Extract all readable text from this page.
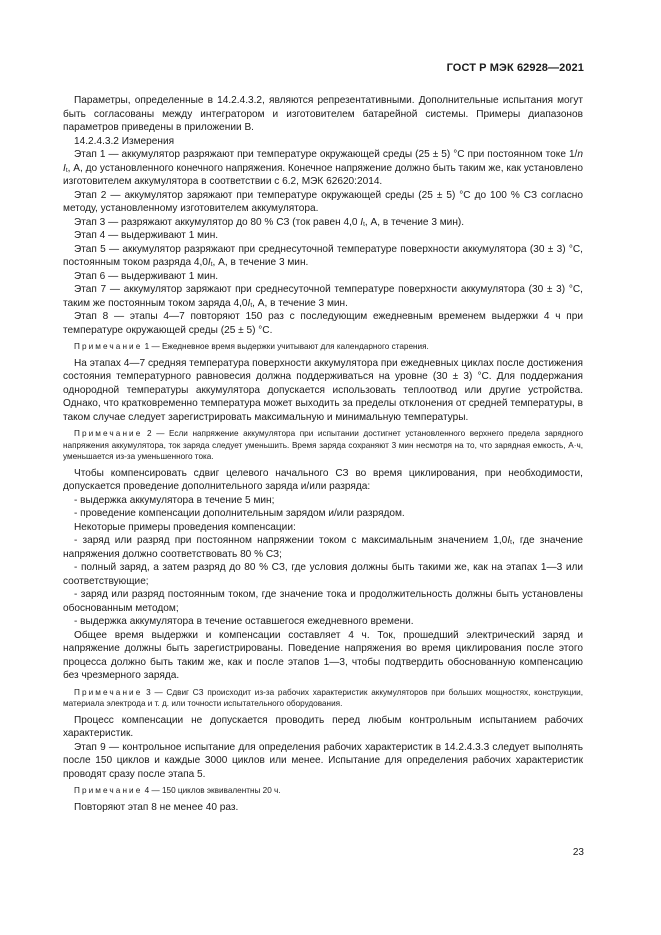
ГОСТ Р МЭК 62928—2021

Параметры, определенные в 14.2.4.3.2, являются репрезентативными. Дополнительные испытания могут быть согласованы между интегратором и изготовителем батарейной системы. Примеры диапазонов параметров приведены в приложении В.

14.2.4.3.2 Измерения

Этап 1 — аккумулятор разряжают при температуре окружающей среды (25 ± 5) °С при постоянном токе 1/n $I_t$, А, до установленного конечного напряжения. Конечное напряжение должно быть таким же, как установлено изготовителем аккумулятора в соответствии с 6.2, МЭК 62620:2014.

Этап 2 — аккумулятор заряжают при температуре окружающей среды (25 ± 5) °С до 100 % СЗ согласно методу, установленному изготовителем аккумулятора.

Этап 3 — разряжают аккумулятор до 80 % СЗ (ток равен 4,0 $I_t$, А, в течение 3 мин).

Этап 4 — выдерживают 1 мин.

Этап 5 — аккумулятор разряжают при среднесуточной температуре поверхности аккумулятора (30 ± 3) °С, постоянным током разряда $4,0I_t$, А, в течение 3 мин.

Этап 6 — выдерживают 1 мин.

Этап 7 — аккумулятор заряжают при среднесуточной температуре поверхности аккумулятора (30 ± 3) °С, таким же постоянным током заряда $4,0I_t$, А, в течение 3 мин.

Этап 8 — этапы 4—7 повторяют 150 раз с последующим ежедневным временем выдержки 4 ч при температуре окружающей среды (25 ± 5) °С.

Примечание 1 — Ежедневное время выдержки учитывают для календарного старения.

На этапах 4—7 средняя температура поверхности аккумулятора при ежедневных циклах после достижения состояния температурного равновесия должна поддерживаться на уровне (30 ± 3) °С. Для поддержания однородной температуры аккумулятора допускается использовать теплоотвод или другие устройства. Однако, что кратковременно температура может выходить за пределы отклонения от средней температуры, в таком случае следует зарегистрировать максимальную и минимальную температуры.

Примечание 2 — Если напряжение аккумулятора при испытании достигнет установленного верхнего предела зарядного напряжения аккумулятора, ток заряда следует уменьшить. Время заряда сохраняют 3 мин несмотря на то, что зарядная емкость, А·ч, уменьшается из-за уменьшенного тока.

Чтобы компенсировать сдвиг целевого начального СЗ во время циклирования, при необходимости, допускается проведение дополнительного заряда и/или разряда:

- выдержка аккумулятора в течение 5 мин;

- проведение компенсации дополнительным зарядом и/или разрядом.

Некоторые примеры проведения компенсации:

- заряд или разряд при постоянном напряжении током с максимальным значением $1,0I_t$, где значение напряжения должно соответствовать 80 % СЗ;

- полный заряд, а затем разряд до 80 % СЗ, где условия должны быть такими же, как на этапах 1—3 или соответствующие;

- заряд или разряд постоянным током, где значение тока и продолжительность должны быть установлены обоснованным методом;

- выдержка аккумулятора в течение оставшегося ежедневного времени.

Общее время выдержки и компенсации составляет 4 ч. Ток, прошедший электрический заряд и напряжение должны быть зарегистрированы. Поведение напряжения во время циклирования после этого процесса должно быть таким же, как и после этапов 1—3, чтобы подтвердить обоснованную компенсацию без чрезмерного заряда.

Примечание 3 — Сдвиг СЗ происходит из-за рабочих характеристик аккумуляторов при больших мощностях, конструкции, материала электрода и т. д. или точности испытательного оборудования.

Процесс компенсации не допускается проводить перед любым контрольным испытанием рабочих характеристик.

Этап 9 — контрольное испытание для определения рабочих характеристик в 14.2.4.3.3 следует выполнять после 150 циклов и каждые 3000 циклов или менее. Испытание для определения рабочих характеристик проводят сразу после этапа 5.

Примечание 4 — 150 циклов эквивалентны 20 ч.

Повторяют этап 8 не менее 40 раз.

23
